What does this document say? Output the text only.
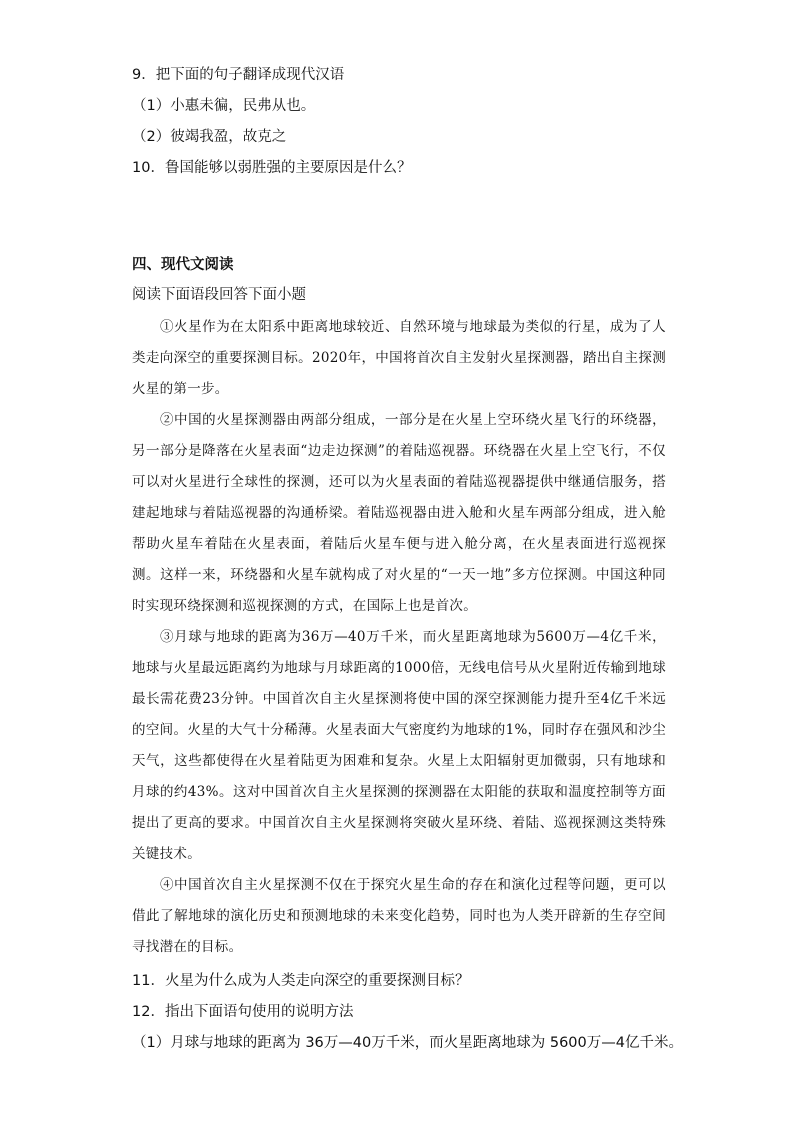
9．把下面的句子翻译成现代汉语
（1）小惠未徧，民弗从也。
（2）彼竭我盈，故克之
10．鲁国能够以弱胜强的主要原因是什么？
四、现代文阅读
阅读下面语段回答下面小题
①火星作为在太阳系中距离地球较近、自然环境与地球最为类似的行星，成为了人类走向深空的重要探测目标。2020年，中国将首次自主发射火星探测器，踏出自主探测火星的第一步。
②中国的火星探测器由两部分组成，一部分是在火星上空环绕火星飞行的环绕器，另一部分是降落在火星表面“边走边探测”的着陆巡视器。环绕器在火星上空飞行，不仅可以对火星进行全球性的探测，还可以为火星表面的着陆巡视器提供中继通信服务，搭建起地球与着陆巡视器的沟通桥梁。着陆巡视器由进入舱和火星车两部分组成，进入舱帮助火星车着陆在火星表面，着陆后火星车便与进入舱分离，在火星表面进行巡视探测。这样一来，环绕器和火星车就构成了对火星的“一天一地”多方位探测。中国这种同时实现环绕探测和巡视探测的方式，在国际上也是首次。
③月球与地球的距离为36万—40万千米，而火星距离地球为5600万—4亿千米，地球与火星最远距离约为地球与月球距离的1000倍，无线电信号从火星附近传输到地球最长需花费23分钟。中国首次自主火星探测将使中国的深空探测能力提升至4亿千米远的空间。火星的大气十分稀薄。火星表面大气密度约为地球的1%，同时存在强风和沙尘天气，这些都使得在火星着陆更为困难和复杂。火星上太阳辐射更加微弱，只有地球和月球的约43%。这对中国首次自主火星探测的探测器在太阳能的获取和温度控制等方面提出了更高的要求。中国首次自主火星探测将突破火星环绕、着陆、巡视探测这类特殊关键技术。
④中国首次自主火星探测不仅在于探究火星生命的存在和演化过程等问题，更可以借此了解地球的演化历史和预测地球的未来变化趋势，同时也为人类开辟新的生存空间寻找潜在的目标。
11．火星为什么成为人类走向深空的重要探测目标？
12．指出下面语句使用的说明方法
（1）月球与地球的距离为 36万—40万千米，而火星距离地球为 5600万—4亿千米。
